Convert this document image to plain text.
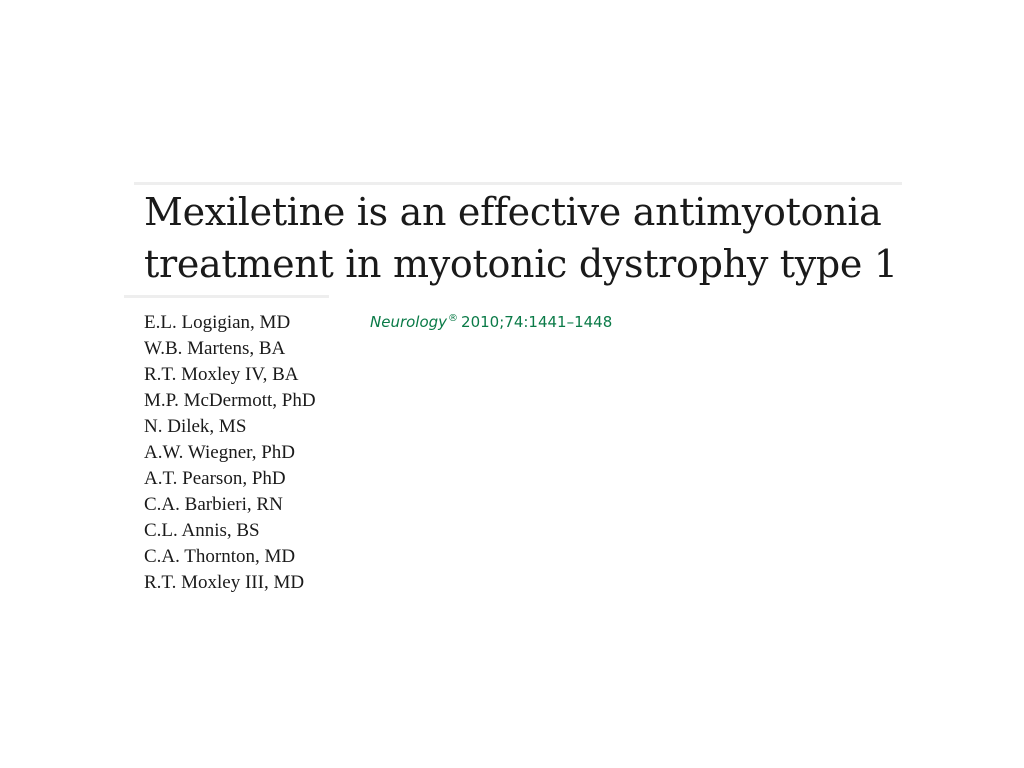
Mexiletine is an effective antimyotonia
treatment in myotonic dystrophy type 1
E.L. Logigian, MD
W.B. Martens, BA
R.T. Moxley IV, BA
M.P. McDermott, PhD
N. Dilek, MS
A.W. Wiegner, PhD
A.T. Pearson, PhD
C.A. Barbieri, RN
C.L. Annis, BS
C.A. Thornton, MD
R.T. Moxley III, MD
Neurology® 2010;74:1441–1448
